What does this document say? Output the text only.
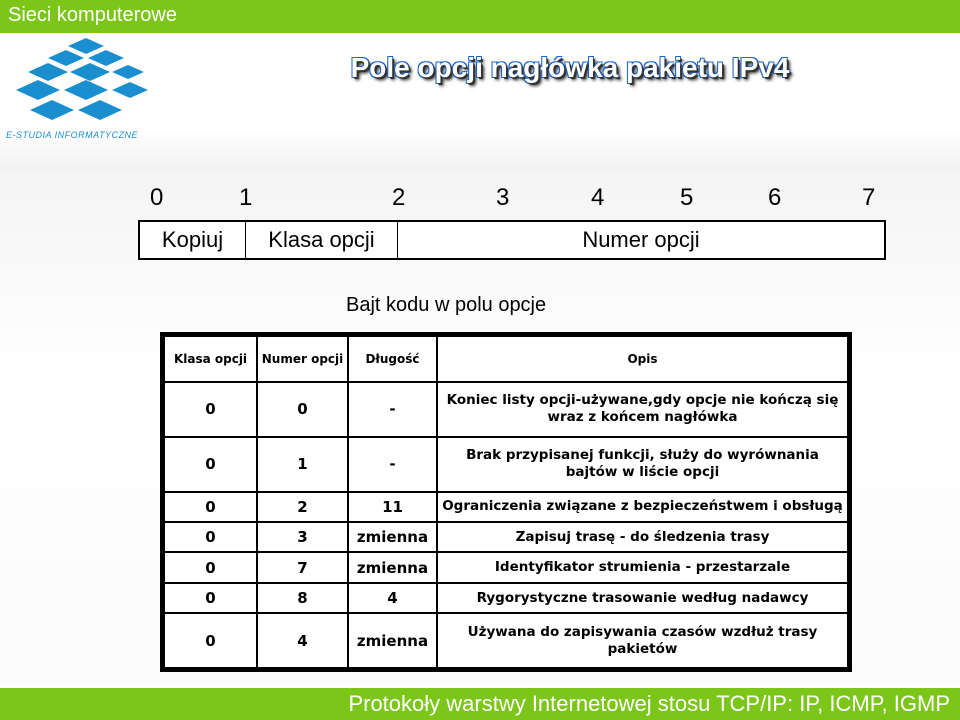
Sieci komputerowe
E-STUDIA INFORMATYCZNE
Pole opcji nagłówka pakietu IPv4
0	1	2	3	4	5	6	7
Kopiuj	Klasa opcji	Numer opcji
Bajt kodu w polu opcje
Klasa opcji	Numer opcji	Długość	Opis
0	0	-	Koniec listy opcji-używane,gdy opcje nie kończą się wraz z końcem nagłówka
0	1	-	Brak przypisanej funkcji, służy do wyrównania bajtów w liście opcji
0	2	11	Ograniczenia związane z bezpieczeństwem i obsługą
0	3	zmienna	Zapisuj trasę - do śledzenia trasy
0	7	zmienna	Identyfikator strumienia - przestarzale
0	8	4	Rygorystyczne trasowanie według nadawcy
0	4	zmienna	Używana do zapisywania czasów wzdłuż trasy pakietów
Protokoły warstwy Internetowej stosu TCP/IP: IP, ICMP, IGMP
